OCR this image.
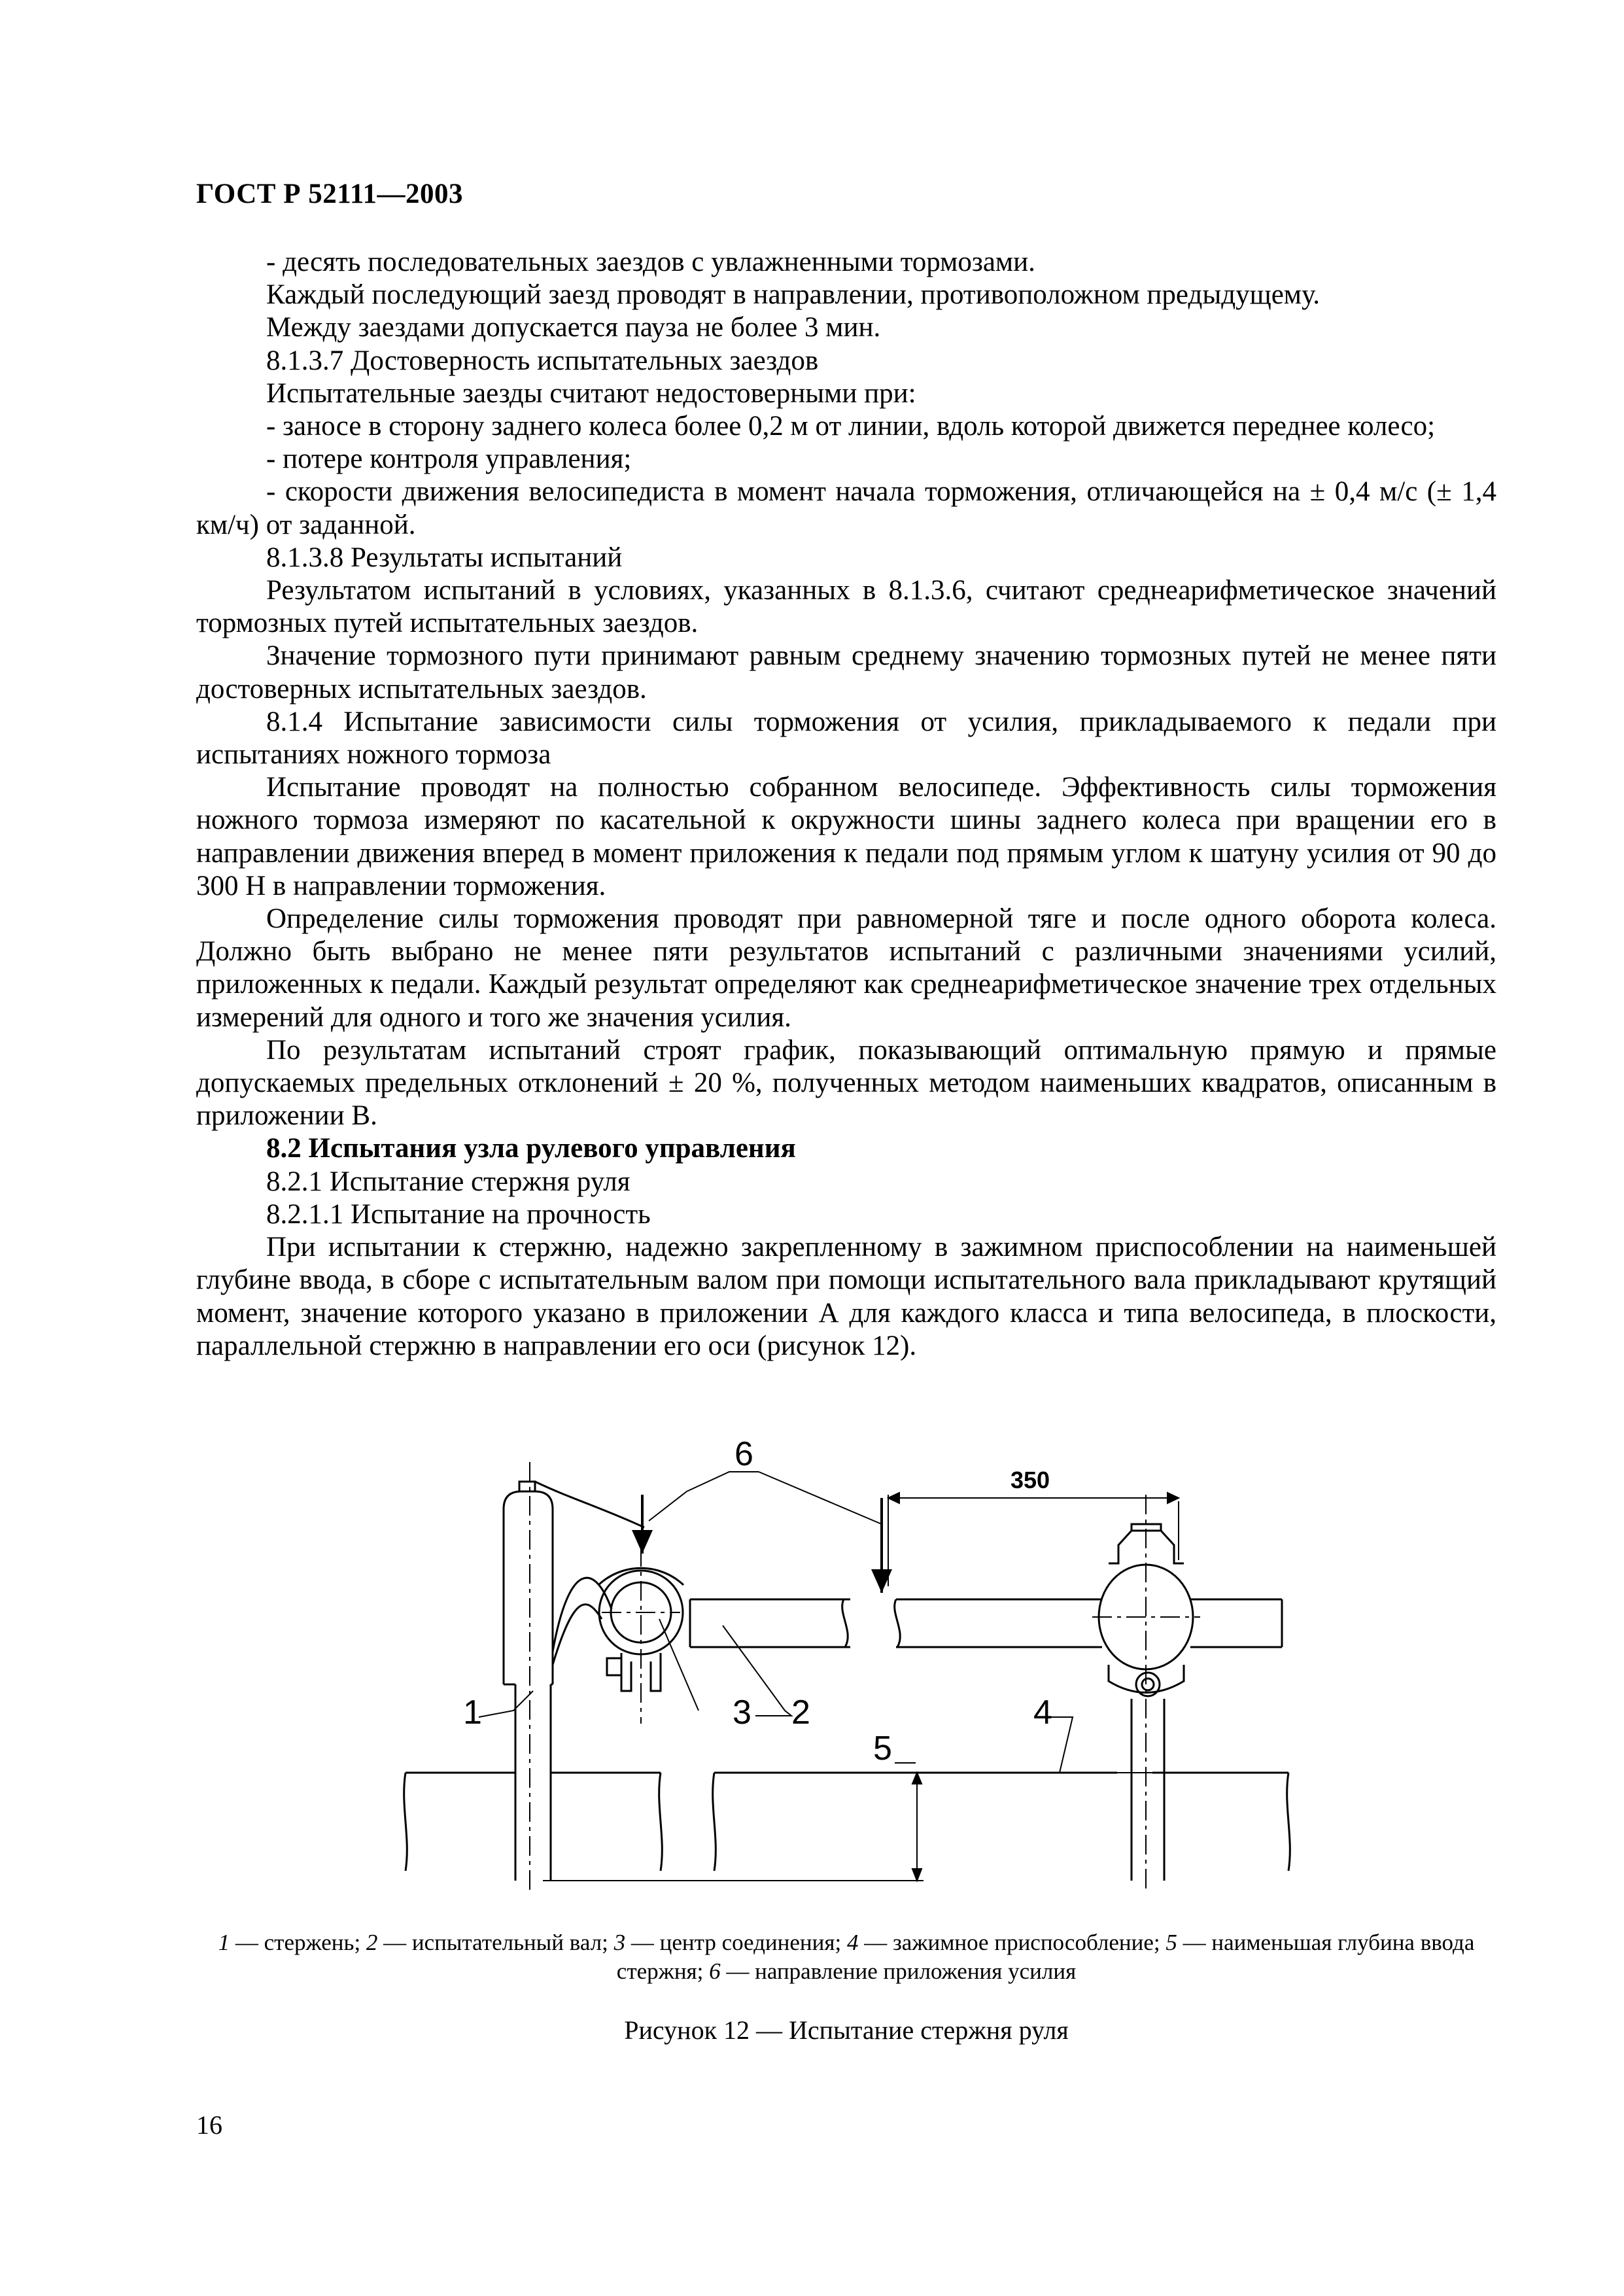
ГОСТ Р 52111—2003

- десять последовательных заездов с увлажненными тормозами.

Каждый последующий заезд проводят в направлении, противоположном предыдущему.

Между заездами допускается пауза не более 3 мин.

8.1.3.7 Достоверность испытательных заездов

Испытательные заезды считают недостоверными при:

- заносе в сторону заднего колеса более 0,2 м от линии, вдоль которой движется переднее колесо;

- потере контроля управления;

- скорости движения велосипедиста в момент начала торможения, отличающейся на ± 0,4 м/с (± 1,4 км/ч) от заданной.

8.1.3.8 Результаты испытаний

Результатом испытаний в условиях, указанных в 8.1.3.6, считают среднеарифметическое значений тормозных путей испытательных заездов.

Значение тормозного пути принимают равным среднему значению тормозных путей не менее пяти достоверных испытательных заездов.

8.1.4 Испытание зависимости силы торможения от усилия, прикладываемого к педали при испытаниях ножного тормоза

Испытание проводят на полностью собранном велосипеде. Эффективность силы торможения ножного тормоза измеряют по касательной к окружности шины заднего колеса при вращении его в направлении движения вперед в момент приложения к педали под прямым углом к шатуну усилия от 90 до 300 Н в направлении торможения.

Определение силы торможения проводят при равномерной тяге и после одного оборота колеса. Должно быть выбрано не менее пяти результатов испытаний с различными значениями усилий, приложенных к педали. Каждый результат определяют как среднеарифметическое значение трех отдельных измерений для одного и того же значения усилия.

По результатам испытаний строят график, показывающий оптимальную прямую и прямые допускаемых предельных отклонений ± 20 %, полученных методом наименьших квадратов, описанным в приложении В.

8.2 Испытания узла рулевого управления

8.2.1 Испытание стержня руля

8.2.1.1 Испытание на прочность

При испытании к стержню, надежно закрепленному в зажимном приспособлении на наименьшей глубине ввода, в сборе с испытательным валом при помощи испытательного вала прикладывают крутящий момент, значение которого указано в приложении А для каждого класса и типа велосипеда, в плоскости, параллельной стержню в направлении его оси (рисунок 12).

1	2
3	4
5
6
350
1 — стержень; 2 — испытательный вал; 3 — центр соединения; 4 — зажимное приспособление; 5 — наименьшая глубина ввода стержня; 6 — направление приложения усилия
Рисунок 12 — Испытание стержня руля
16
